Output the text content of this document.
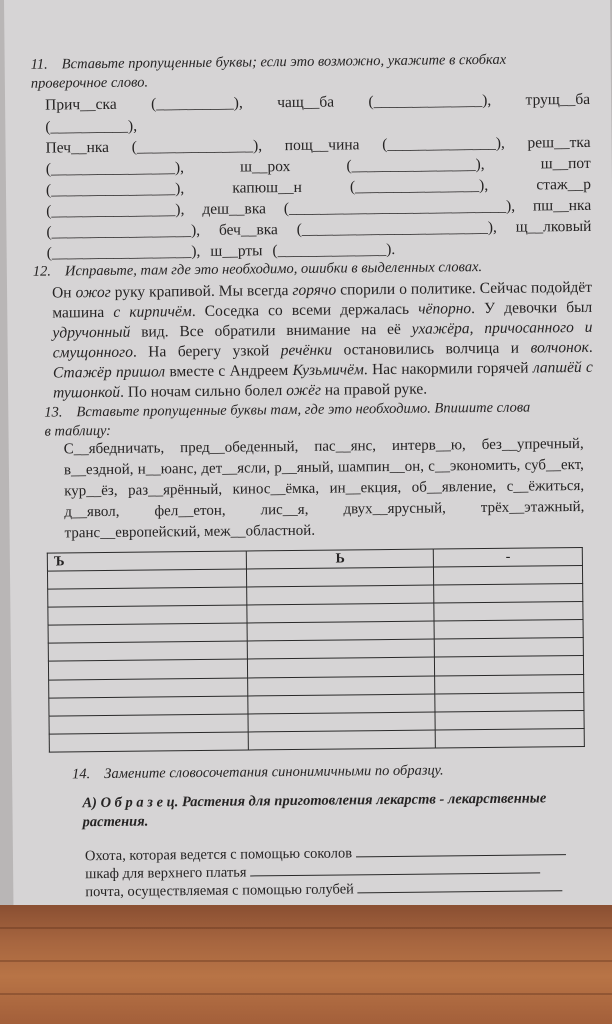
11. Вставьте пропущенные буквы; если это возможно, укажите в скобках
проверочное слово.
Прич__ска (__________), чащ__ба (______________), трущ__ба
(__________),
Печ__нка (_______________), пощ__чина (______________), реш__тка
(________________),	ш__рох	(________________),	ш__пот
(________________),	капюш__н	(________________),	стаж__р
(________________), деш__вка (____________________________), пш__нка
(__________________), беч__вка (________________________), щ__лковый
(__________________), ш__рты (______________).
12. Исправьте, там где это необходимо, ошибки в выделенных словах.
Он ожог руку крапивой. Мы всегда горячо спорили о политике. Сейчас подойдёт машина с кирпичём. Соседка со всеми держалась чёпорно. У девочки был удручонный вид. Все обратили внимание на её ухажёра, причосанного и смущонного. На берегу узкой речёнки остановились волчица и волчонок. Стажёр пришол вместе с Андреем Кузьмичём. Нас накормили горячей лапшёй с тушонкой. По ночам сильно болел ожёг на правой руке.
13. Вставьте пропущенные буквы там, где это необходимо. Впишите слова
в таблицу:
С__ябедничать, пред__обеденный, пас__янс, интерв__ю, без__упречный, в__ездной, н__юанс, дет__ясли, р__яный, шампин__он, с__экономить, суб__ект, кур__ёз, раз__ярённый, кинос__ёмка, ин__екция, об__явление, с__ёжиться, д__явол, фел__етон, лис__я, двух__ярусный, трёх__этажный, транс__европейский, меж__областной.
Ъ	Ь	-

14. Замените словосочетания синонимичными по образцу.
А) О б р а з е ц. Растения для приготовления лекарств - лекарственные растения.
Охота, которая ведется с помощью соколов
шкаф для верхнего платья
почта, осуществляемая с помощью голубей
